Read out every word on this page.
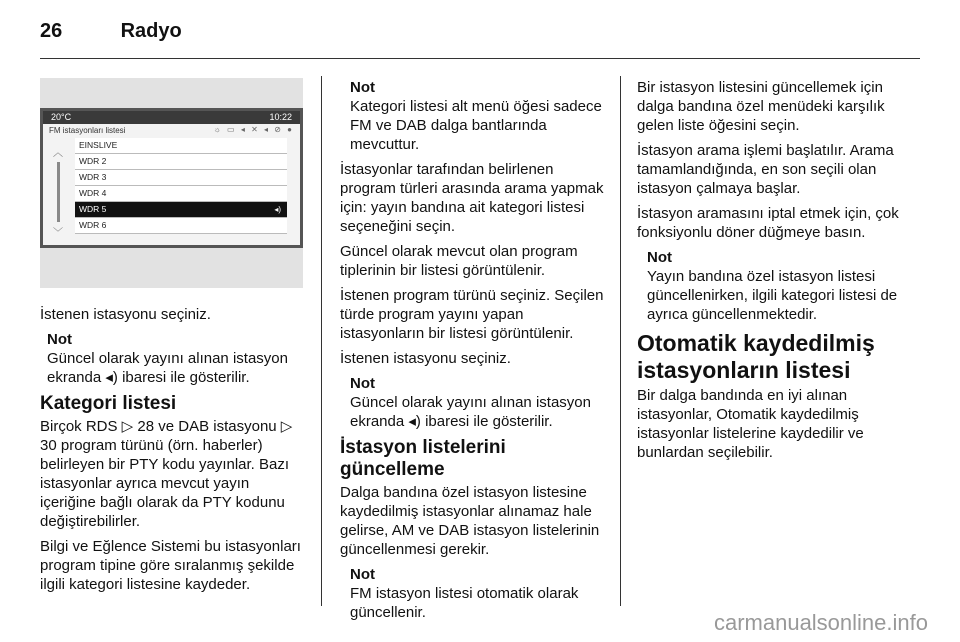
26	Radyo
20°C	10:22
FM istasyonları listesi	☼ ▭ ◂ ✕ ◂ ⊘ ●
︿
﹀
EINSLIVE
WDR 2
WDR 3
WDR 4
WDR 5	◂)
WDR 6

İstenen istasyonu seçiniz.

Not
Güncel olarak yayını alınan istasyon ekranda ◂) ibaresi ile gösterilir.
Kategori listesi

Birçok RDS ▷ 28 ve DAB istasyonu ▷ 30 program türünü (örn. haberler) belirleyen bir PTY kodu yayınlar. Bazı istasyonlar ayrıca mevcut yayın içeriğine bağlı olarak da PTY kodunu değiştirebilirler.

Bilgi ve Eğlence Sistemi bu istasyonları program tipine göre sıralanmış şekilde ilgili kategori listesine kaydeder.

Not
Kategori listesi alt menü öğesi sadece FM ve DAB dalga bantlarında mevcuttur.

İstasyonlar tarafından belirlenen program türleri arasında arama yapmak için: yayın bandına ait kategori listesi seçeneğini seçin.

Güncel olarak mevcut olan program tiplerinin bir listesi görüntülenir.

İstenen program türünü seçiniz. Seçilen türde program yayını yapan istasyonların bir listesi görüntülenir.

İstenen istasyonu seçiniz.

Not
Güncel olarak yayını alınan istasyon ekranda ◂) ibaresi ile gösterilir.
İstasyon listelerini güncelleme

Dalga bandına özel istasyon listesine kaydedilmiş istasyonlar alınamaz hale gelirse, AM ve DAB istasyon listelerinin güncellenmesi gerekir.

Not
FM istasyon listesi otomatik olarak güncellenir.

Bir istasyon listesini güncellemek için dalga bandına özel menüdeki karşılık gelen liste öğesini seçin.

İstasyon arama işlemi başlatılır. Arama tamamlandığında, en son seçili olan istasyon çalmaya başlar.

İstasyon aramasını iptal etmek için, çok fonksiyonlu döner düğmeye basın.

Not
Yayın bandına özel istasyon listesi güncellenirken, ilgili kategori listesi de ayrıca güncellenmektedir.
Otomatik kaydedilmiş istasyonların listesi

Bir dalga bandında en iyi alınan istasyonlar, Otomatik kaydedilmiş istasyonlar listelerine kaydedilir ve bunlardan seçilebilir.

carmanualsonline.info
